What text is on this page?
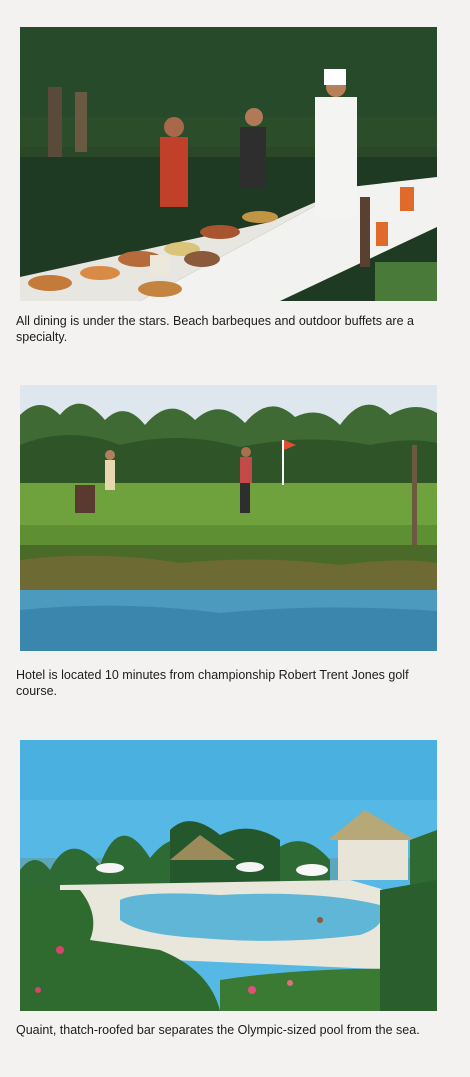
All dining is under the stars. Beach barbeques and outdoor buffets are a specialty.

Hotel is located 10 minutes from championship Robert Trent Jones golf course.

Quaint, thatch-roofed bar separates the Olympic-sized pool from the sea.
